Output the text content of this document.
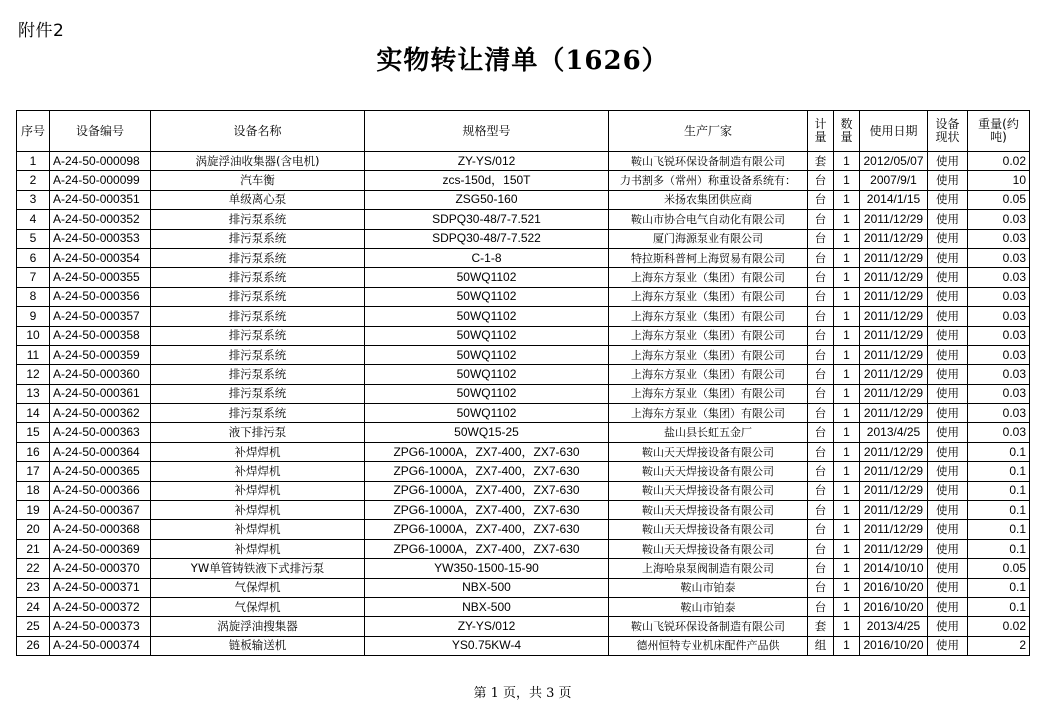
附件2
实物转让清单（1626）
序号	设备编号	设备名称	规格型号	生产厂家	计量	数量	使用日期	设备现状	重量(约吨)
1	A-24-50-000098	涡旋浮油收集器(含电机)	ZY-YS/012	鞍山飞锐环保设备制造有限公司	套	1	2012/05/07	使用	0.02
2	A-24-50-000099	汽车衡	zcs-150d，150T	力书割多（常州）称重设备系统有：	台	1	2007/9/1	使用	10
3	A-24-50-000351	单级离心泵	ZSG50-160	米扬农集团供应商	台	1	2014/1/15	使用	0.05
4	A-24-50-000352	排污泵系统	SDPQ30-48/7-7.521	鞍山市协合电气自动化有限公司	台	1	2011/12/29	使用	0.03
5	A-24-50-000353	排污泵系统	SDPQ30-48/7-7.522	厦门海源泵业有限公司	台	1	2011/12/29	使用	0.03
6	A-24-50-000354	排污泵系统	C-1-8	特拉斯科普柯上海贸易有限公司	台	1	2011/12/29	使用	0.03
7	A-24-50-000355	排污泵系统	50WQ1102	上海东方泵业（集团）有限公司	台	1	2011/12/29	使用	0.03
8	A-24-50-000356	排污泵系统	50WQ1102	上海东方泵业（集团）有限公司	台	1	2011/12/29	使用	0.03
9	A-24-50-000357	排污泵系统	50WQ1102	上海东方泵业（集团）有限公司	台	1	2011/12/29	使用	0.03
10	A-24-50-000358	排污泵系统	50WQ1102	上海东方泵业（集团）有限公司	台	1	2011/12/29	使用	0.03
11	A-24-50-000359	排污泵系统	50WQ1102	上海东方泵业（集团）有限公司	台	1	2011/12/29	使用	0.03
12	A-24-50-000360	排污泵系统	50WQ1102	上海东方泵业（集团）有限公司	台	1	2011/12/29	使用	0.03
13	A-24-50-000361	排污泵系统	50WQ1102	上海东方泵业（集团）有限公司	台	1	2011/12/29	使用	0.03
14	A-24-50-000362	排污泵系统	50WQ1102	上海东方泵业（集团）有限公司	台	1	2011/12/29	使用	0.03
15	A-24-50-000363	液下排污泵	50WQ15-25	盐山县长虹五金厂	台	1	2013/4/25	使用	0.03
16	A-24-50-000364	补焊焊机	ZPG6-1000A，ZX7-400，ZX7-630	鞍山天天焊接设备有限公司	台	1	2011/12/29	使用	0.1
17	A-24-50-000365	补焊焊机	ZPG6-1000A，ZX7-400，ZX7-630	鞍山天天焊接设备有限公司	台	1	2011/12/29	使用	0.1
18	A-24-50-000366	补焊焊机	ZPG6-1000A，ZX7-400，ZX7-630	鞍山天天焊接设备有限公司	台	1	2011/12/29	使用	0.1
19	A-24-50-000367	补焊焊机	ZPG6-1000A，ZX7-400，ZX7-630	鞍山天天焊接设备有限公司	台	1	2011/12/29	使用	0.1
20	A-24-50-000368	补焊焊机	ZPG6-1000A，ZX7-400，ZX7-630	鞍山天天焊接设备有限公司	台	1	2011/12/29	使用	0.1
21	A-24-50-000369	补焊焊机	ZPG6-1000A，ZX7-400，ZX7-630	鞍山天天焊接设备有限公司	台	1	2011/12/29	使用	0.1
22	A-24-50-000370	YW单管铸铁液下式排污泵	YW350-1500-15-90	上海哈泉泵阀制造有限公司	台	1	2014/10/10	使用	0.05
23	A-24-50-000371	气保焊机	NBX-500	鞍山市铂泰	台	1	2016/10/20	使用	0.1
24	A-24-50-000372	气保焊机	NBX-500	鞍山市铂泰	台	1	2016/10/20	使用	0.1
25	A-24-50-000373	涡旋浮油搜集器	ZY-YS/012	鞍山飞锐环保设备制造有限公司	套	1	2013/4/25	使用	0.02
26	A-24-50-000374	链板输送机	YS0.75KW-4	德州恒特专业机床配件产品供	组	1	2016/10/20	使用	2
第 1 页，共 3 页
